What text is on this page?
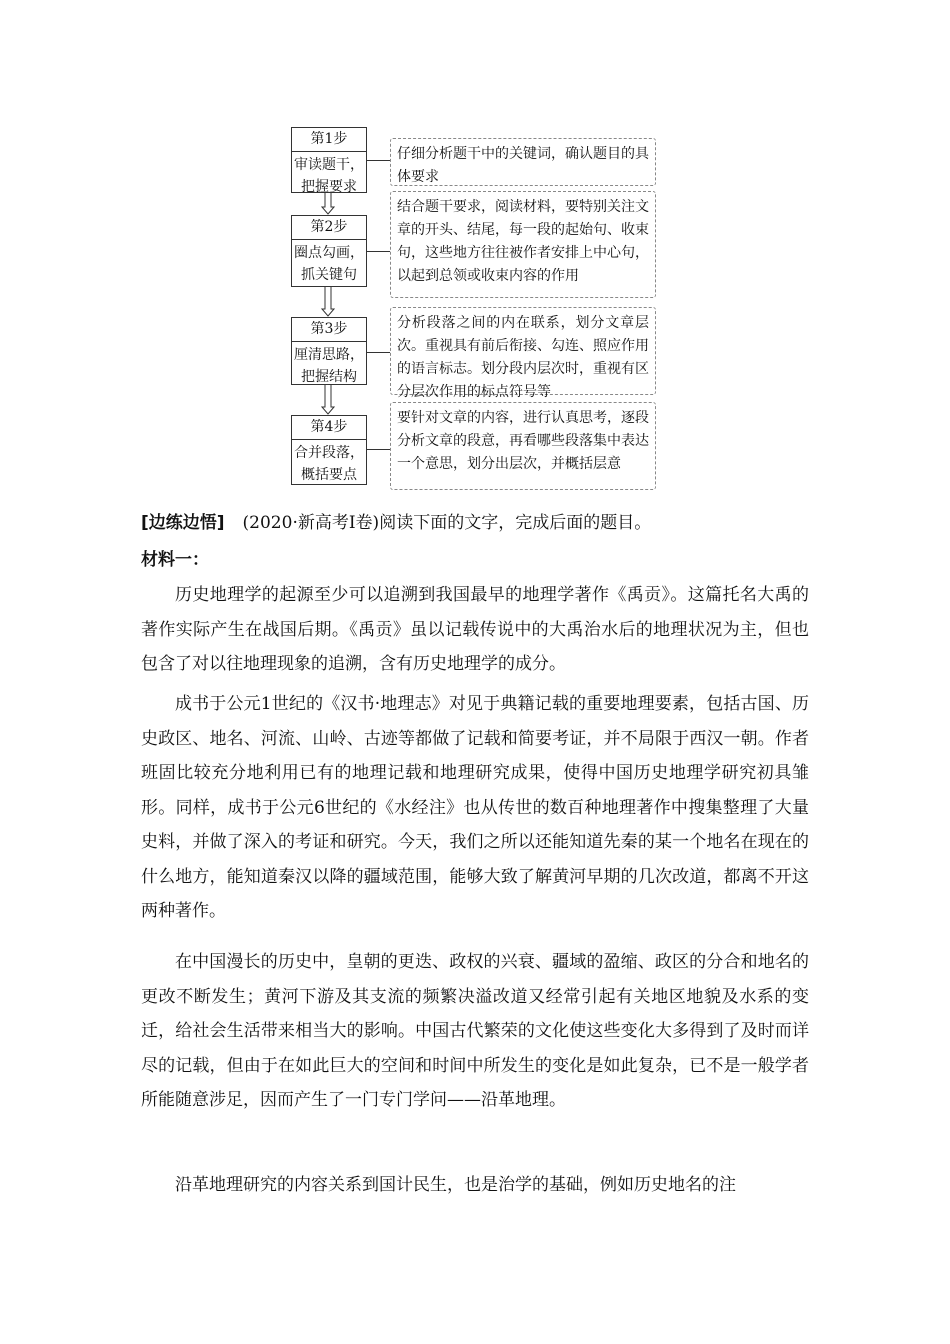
第1步
审读题干，
把握要求
仔细分析题干中的关键词，确认题目的具体要求
第2步
圈点勾画，
抓关键句
结合题干要求，阅读材料，要特别关注文章的开头、结尾，每一段的起始句、收束句，这些地方往往被作者安排上中心句，以起到总领或收束内容的作用
第3步
厘清思路，
把握结构
分析段落之间的内在联系，划分文章层次。重视具有前后衔接、勾连、照应作用的语言标志。划分段内层次时，重视有区分层次作用的标点符号等
第4步
合并段落，
概括要点
要针对文章的内容，进行认真思考，逐段分析文章的段意，再看哪些段落集中表达一个意思，划分出层次，并概括层意
[边练边悟] (2020·新高考Ⅰ卷)阅读下面的文字，完成后面的题目。
材料一：
历史地理学的起源至少可以追溯到我国最早的地理学著作《禹贡》。这篇托名大禹的著作实际产生在战国后期。《禹贡》虽以记载传说中的大禹治水后的地理状况为主，但也包含了对以往地理现象的追溯，含有历史地理学的成分。
成书于公元1世纪的《汉书·地理志》对见于典籍记载的重要地理要素，包括古国、历史政区、地名、河流、山岭、古迹等都做了记载和简要考证，并不局限于西汉一朝。作者班固比较充分地利用已有的地理记载和地理研究成果，使得中国历史地理学研究初具雏形。同样，成书于公元6世纪的《水经注》也从传世的数百种地理著作中搜集整理了大量史料，并做了深入的考证和研究。今天，我们之所以还能知道先秦的某一个地名在现在的什么地方，能知道秦汉以降的疆域范围，能够大致了解黄河早期的几次改道，都离不开这两种著作。
在中国漫长的历史中，皇朝的更迭、政权的兴衰、疆域的盈缩、政区的分合和地名的更改不断发生；黄河下游及其支流的频繁决溢改道又经常引起有关地区地貌及水系的变迁，给社会生活带来相当大的影响。中国古代繁荣的文化使这些变化大多得到了及时而详尽的记载，但由于在如此巨大的空间和时间中所发生的变化是如此复杂，已不是一般学者所能随意涉足，因而产生了一门专门学问——沿革地理。
沿革地理研究的内容关系到国计民生，也是治学的基础，例如历史地名的注
